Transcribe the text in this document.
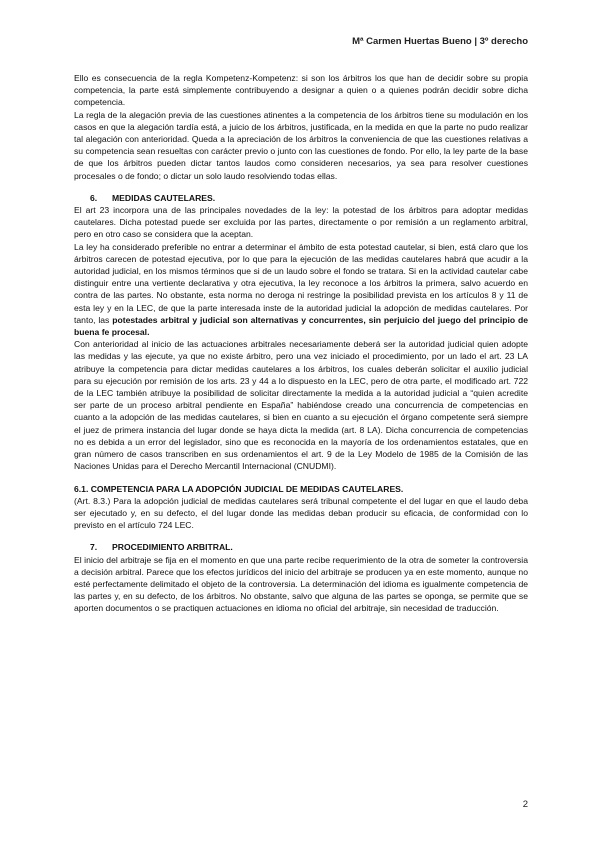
Mª Carmen Huertas Bueno | 3º derecho

Ello es consecuencia de la regla Kompetenz-Kompetenz: si son los árbitros los que han de decidir sobre su propia competencia, la parte está simplemente contribuyendo a designar a quien o a quienes podrán decidir sobre dicha competencia.

La regla de la alegación previa de las cuestiones atinentes a la competencia de los árbitros tiene su modulación en los casos en que la alegación tardía está, a juicio de los árbitros, justificada, en la medida en que la parte no pudo realizar tal alegación con anterioridad. Queda a la apreciación de los árbitros la conveniencia de que las cuestiones relativas a su competencia sean resueltas con carácter previo o junto con las cuestiones de fondo. Por ello, la ley parte de la base de que los árbitros pueden dictar tantos laudos como consideren necesarios, ya sea para resolver cuestiones procesales o de fondo; o dictar un solo laudo resolviendo todas ellas.

6. MEDIDAS CAUTELARES.

El art 23 incorpora una de las principales novedades de la ley: la potestad de los árbitros para adoptar medidas cautelares. Dicha potestad puede ser excluida por las partes, directamente o por remisión a un reglamento arbitral, pero en otro caso se considera que la aceptan.

La ley ha considerado preferible no entrar a determinar el ámbito de esta potestad cautelar, si bien, está claro que los árbitros carecen de potestad ejecutiva, por lo que para la ejecución de las medidas cautelares habrá que acudir a la autoridad judicial, en los mismos términos que si de un laudo sobre el fondo se tratara. Si en la actividad cautelar cabe distinguir entre una vertiente declarativa y otra ejecutiva, la ley reconoce a los árbitros la primera, salvo acuerdo en contra de las partes. No obstante, esta norma no deroga ni restringe la posibilidad prevista en los artículos 8 y 11 de esta ley y en la LEC, de que la parte interesada inste de la autoridad judicial la adopción de medidas cautelares. Por tanto, las potestades arbitral y judicial son alternativas y concurrentes, sin perjuicio del juego del principio de buena fe procesal.

Con anterioridad al inicio de las actuaciones arbitrales necesariamente deberá ser la autoridad judicial quien adopte las medidas y las ejecute, ya que no existe árbitro, pero una vez iniciado el procedimiento, por un lado el art. 23 LA atribuye la competencia para dictar medidas cautelares a los árbitros, los cuales deberán solicitar el auxilio judicial para su ejecución por remisión de los arts. 23 y 44 a lo dispuesto en la LEC, pero de otra parte, el modificado art. 722 de la LEC también atribuye la posibilidad de solicitar directamente la medida a la autoridad judicial a “quien acredite ser parte de un proceso arbitral pendiente en España” habiéndose creado una concurrencia de competencias en cuanto a la adopción de las medidas cautelares, si bien en cuanto a su ejecución el órgano competente será siempre el juez de primera instancia del lugar donde se haya dicta la medida (art. 8 LA). Dicha concurrencia de competencias no es debida a un error del legislador, sino que es reconocida en la mayoría de los ordenamientos estatales, que en gran número de casos transcriben en sus ordenamientos el art. 9 de la Ley Modelo de 1985 de la Comisión de las Naciones Unidas para el Derecho Mercantil Internacional (CNUDMI).

6.1. COMPETENCIA PARA LA ADOPCIÓN JUDICIAL DE MEDIDAS CAUTELARES.

(Art. 8.3.) Para la adopción judicial de medidas cautelares será tribunal competente el del lugar en que el laudo deba ser ejecutado y, en su defecto, el del lugar donde las medidas deban producir su eficacia, de conformidad con lo previsto en el artículo 724 LEC.

7. PROCEDIMIENTO ARBITRAL.

El inicio del arbitraje se fija en el momento en que una parte recibe requerimiento de la otra de someter la controversia a decisión arbitral. Parece que los efectos jurídicos del inicio del arbitraje se producen ya en este momento, aunque no esté perfectamente delimitado el objeto de la controversia. La determinación del idioma es igualmente competencia de las partes y, en su defecto, de los árbitros. No obstante, salvo que alguna de las partes se oponga, se permite que se aporten documentos o se practiquen actuaciones en idioma no oficial del arbitraje, sin necesidad de traducción.

2
